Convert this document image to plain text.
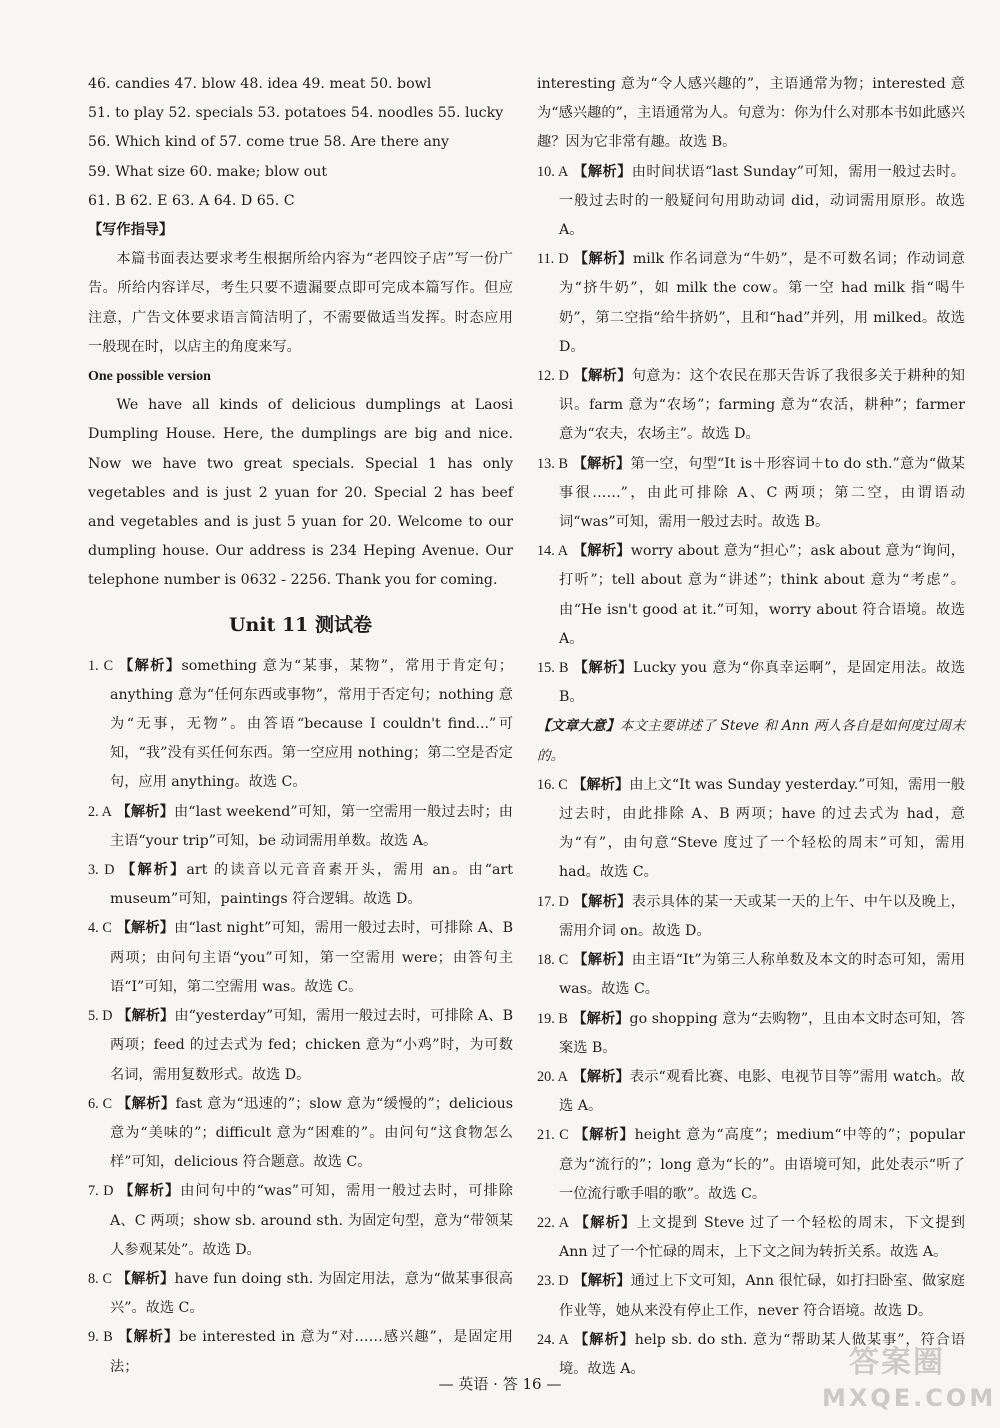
46. candies 47. blow 48. idea 49. meat 50. bowl
51. to play 52. specials 53. potatoes 54. noodles 55. lucky
56. Which kind of 57. come true 58. Are there any
59. What size 60. make; blow out
61. B 62. E 63. A 64. D 65. C
【写作指导】
本篇书面表达要求考生根据所给内容为“老四饺子店”写一份广告。所给内容详尽，考生只要不遗漏要点即可完成本篇写作。但应注意，广告文体要求语言简洁明了，不需要做适当发挥。时态应用一般现在时，以店主的角度来写。
One possible version
We have all kinds of delicious dumplings at Laosi Dumpling House. Here, the dumplings are big and nice. Now we have two great specials. Special 1 has only vegetables and is just 2 yuan for 20. Special 2 has beef and vegetables and is just 5 yuan for 20. Welcome to our dumpling house. Our address is 234 Heping Avenue. Our telephone number is 0632 - 2256. Thank you for coming.
Unit 11 测试卷
1. C 【解析】something 意为“某事，某物”，常用于肯定句；anything 意为“任何东西或事物”，常用于否定句；nothing 意为“无事，无物”。由答语“because I couldn't find...”可知，“我”没有买任何东西。第一空应用 nothing；第二空是否定句，应用 anything。故选 C。
2. A 【解析】由“last weekend”可知，第一空需用一般过去时；由主语“your trip”可知，be 动词需用单数。故选 A。
3. D 【解析】art 的读音以元音音素开头，需用 an。由“art museum”可知，paintings 符合逻辑。故选 D。
4. C 【解析】由“last night”可知，需用一般过去时，可排除 A、B 两项；由问句主语“you”可知，第一空需用 were；由答句主语“I”可知，第二空需用 was。故选 C。
5. D 【解析】由“yesterday”可知，需用一般过去时，可排除 A、B 两项；feed 的过去式为 fed；chicken 意为“小鸡”时，为可数名词，需用复数形式。故选 D。
6. C 【解析】fast 意为“迅速的”；slow 意为“缓慢的”；delicious 意为“美味的”；difficult 意为“困难的”。由问句“这食物怎么样”可知，delicious 符合题意。故选 C。
7. D 【解析】由问句中的“was”可知，需用一般过去时，可排除 A、C 两项；show sb. around sth. 为固定句型，意为“带领某人参观某处”。故选 D。
8. C 【解析】have fun doing sth. 为固定用法，意为“做某事很高兴”。故选 C。
9. B 【解析】be interested in 意为“对……感兴趣”，是固定用法；
interesting 意为“令人感兴趣的”，主语通常为物；interested 意为“感兴趣的”，主语通常为人。句意为：你为什么对那本书如此感兴趣？因为它非常有趣。故选 B。
10. A 【解析】由时间状语“last Sunday”可知，需用一般过去时。一般过去时的一般疑问句用助动词 did，动词需用原形。故选 A。
11. D 【解析】milk 作名词意为“牛奶”，是不可数名词；作动词意为“挤牛奶”，如 milk the cow。第一空 had milk 指“喝牛奶”，第二空指“给牛挤奶”，且和“had”并列，用 milked。故选 D。
12. D 【解析】句意为：这个农民在那天告诉了我很多关于耕种的知识。farm 意为“农场”；farming 意为“农活，耕种”；farmer 意为“农夫，农场主”。故选 D。
13. B 【解析】第一空，句型“It is＋形容词＋to do sth.”意为“做某事很……”，由此可排除 A、C 两项；第二空，由谓语动词“was”可知，需用一般过去时。故选 B。
14. A 【解析】worry about 意为“担心”；ask about 意为“询问，打听”；tell about 意为“讲述”；think about 意为“考虑”。由“He isn't good at it.”可知，worry about 符合语境。故选 A。
15. B 【解析】Lucky you 意为“你真幸运啊”，是固定用法。故选 B。
【文章大意】本文主要讲述了 Steve 和 Ann 两人各自是如何度过周末的。
16. C 【解析】由上文“It was Sunday yesterday.”可知，需用一般过去时，由此排除 A、B 两项；have 的过去式为 had，意为“有”，由句意“Steve 度过了一个轻松的周末”可知，需用 had。故选 C。
17. D 【解析】表示具体的某一天或某一天的上午、中午以及晚上，需用介词 on。故选 D。
18. C 【解析】由主语“It”为第三人称单数及本文的时态可知，需用 was。故选 C。
19. B 【解析】go shopping 意为“去购物”，且由本文时态可知，答案选 B。
20. A 【解析】表示“观看比赛、电影、电视节目等”需用 watch。故选 A。
21. C 【解析】height 意为“高度”；medium“中等的”；popular 意为“流行的”；long 意为“长的”。由语境可知，此处表示“听了一位流行歌手唱的歌”。故选 C。
22. A 【解析】上文提到 Steve 过了一个轻松的周末，下文提到 Ann 过了一个忙碌的周末，上下文之间为转折关系。故选 A。
23. D 【解析】通过上下文可知，Ann 很忙碌，如打扫卧室、做家庭作业等，她从来没有停止工作，never 符合语境。故选 D。
24. A 【解析】help sb. do sth. 意为“帮助某人做某事”，符合语境。故选 A。
— 英语 · 答 16 —
答案圈
MXQE.COM
